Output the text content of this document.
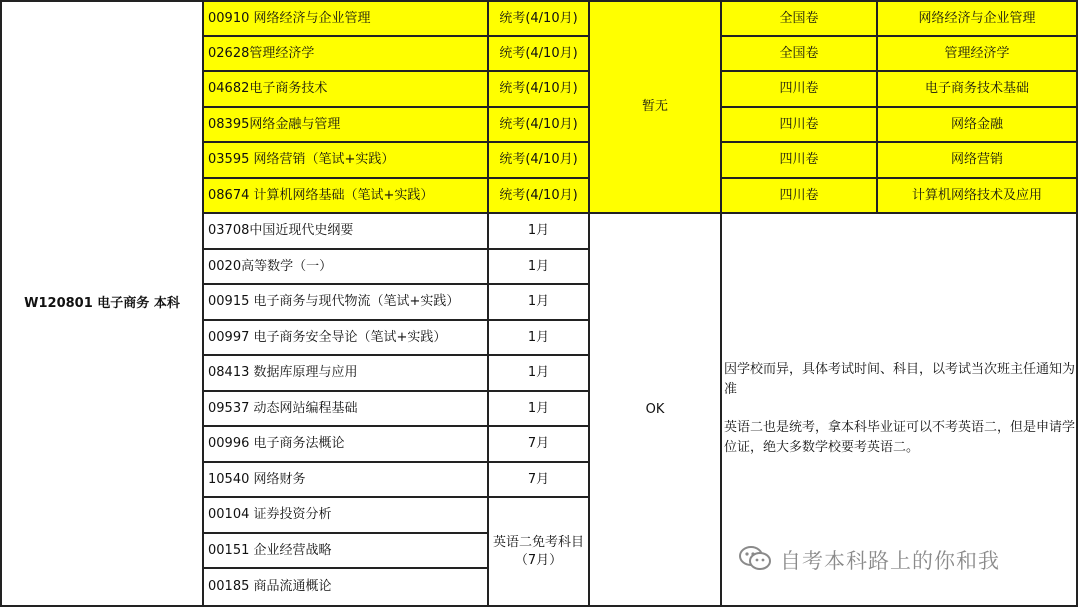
W120801 电子商务 本科
00910 网络经济与企业管理	统考(4/10月)	全国卷	网络经济与企业管理
02628管理经济学	统考(4/10月)	全国卷	管理经济学
04682电子商务技术	统考(4/10月)	四川卷	电子商务技术基础
08395网络金融与管理	统考(4/10月)	四川卷	网络金融
03595 网络营销（笔试+实践）	统考(4/10月)	四川卷	网络营销
08674 计算机网络基础（笔试+实践）	统考(4/10月)	四川卷	计算机网络技术及应用
暂无
03708中国近现代史纲要	1月
0020高等数学（一）	1月
00915 电子商务与现代物流（笔试+实践）	1月
00997 电子商务安全导论（笔试+实践）	1月
08413 数据库原理与应用	1月
09537 动态网站编程基础	1月
00996 电子商务法概论	7月
10540 网络财务	7月
00104 证券投资分析
00151 企业经营战略
00185 商品流通概论
英语二免考科目
（7月）
OK

因学校而异，具体考试时间、科目，以考试当次班主任通知为准

英语二也是统考，拿本科毕业证可以不考英语二，但是申请学位证，绝大多数学校要考英语二。

自考本科路上的你和我
